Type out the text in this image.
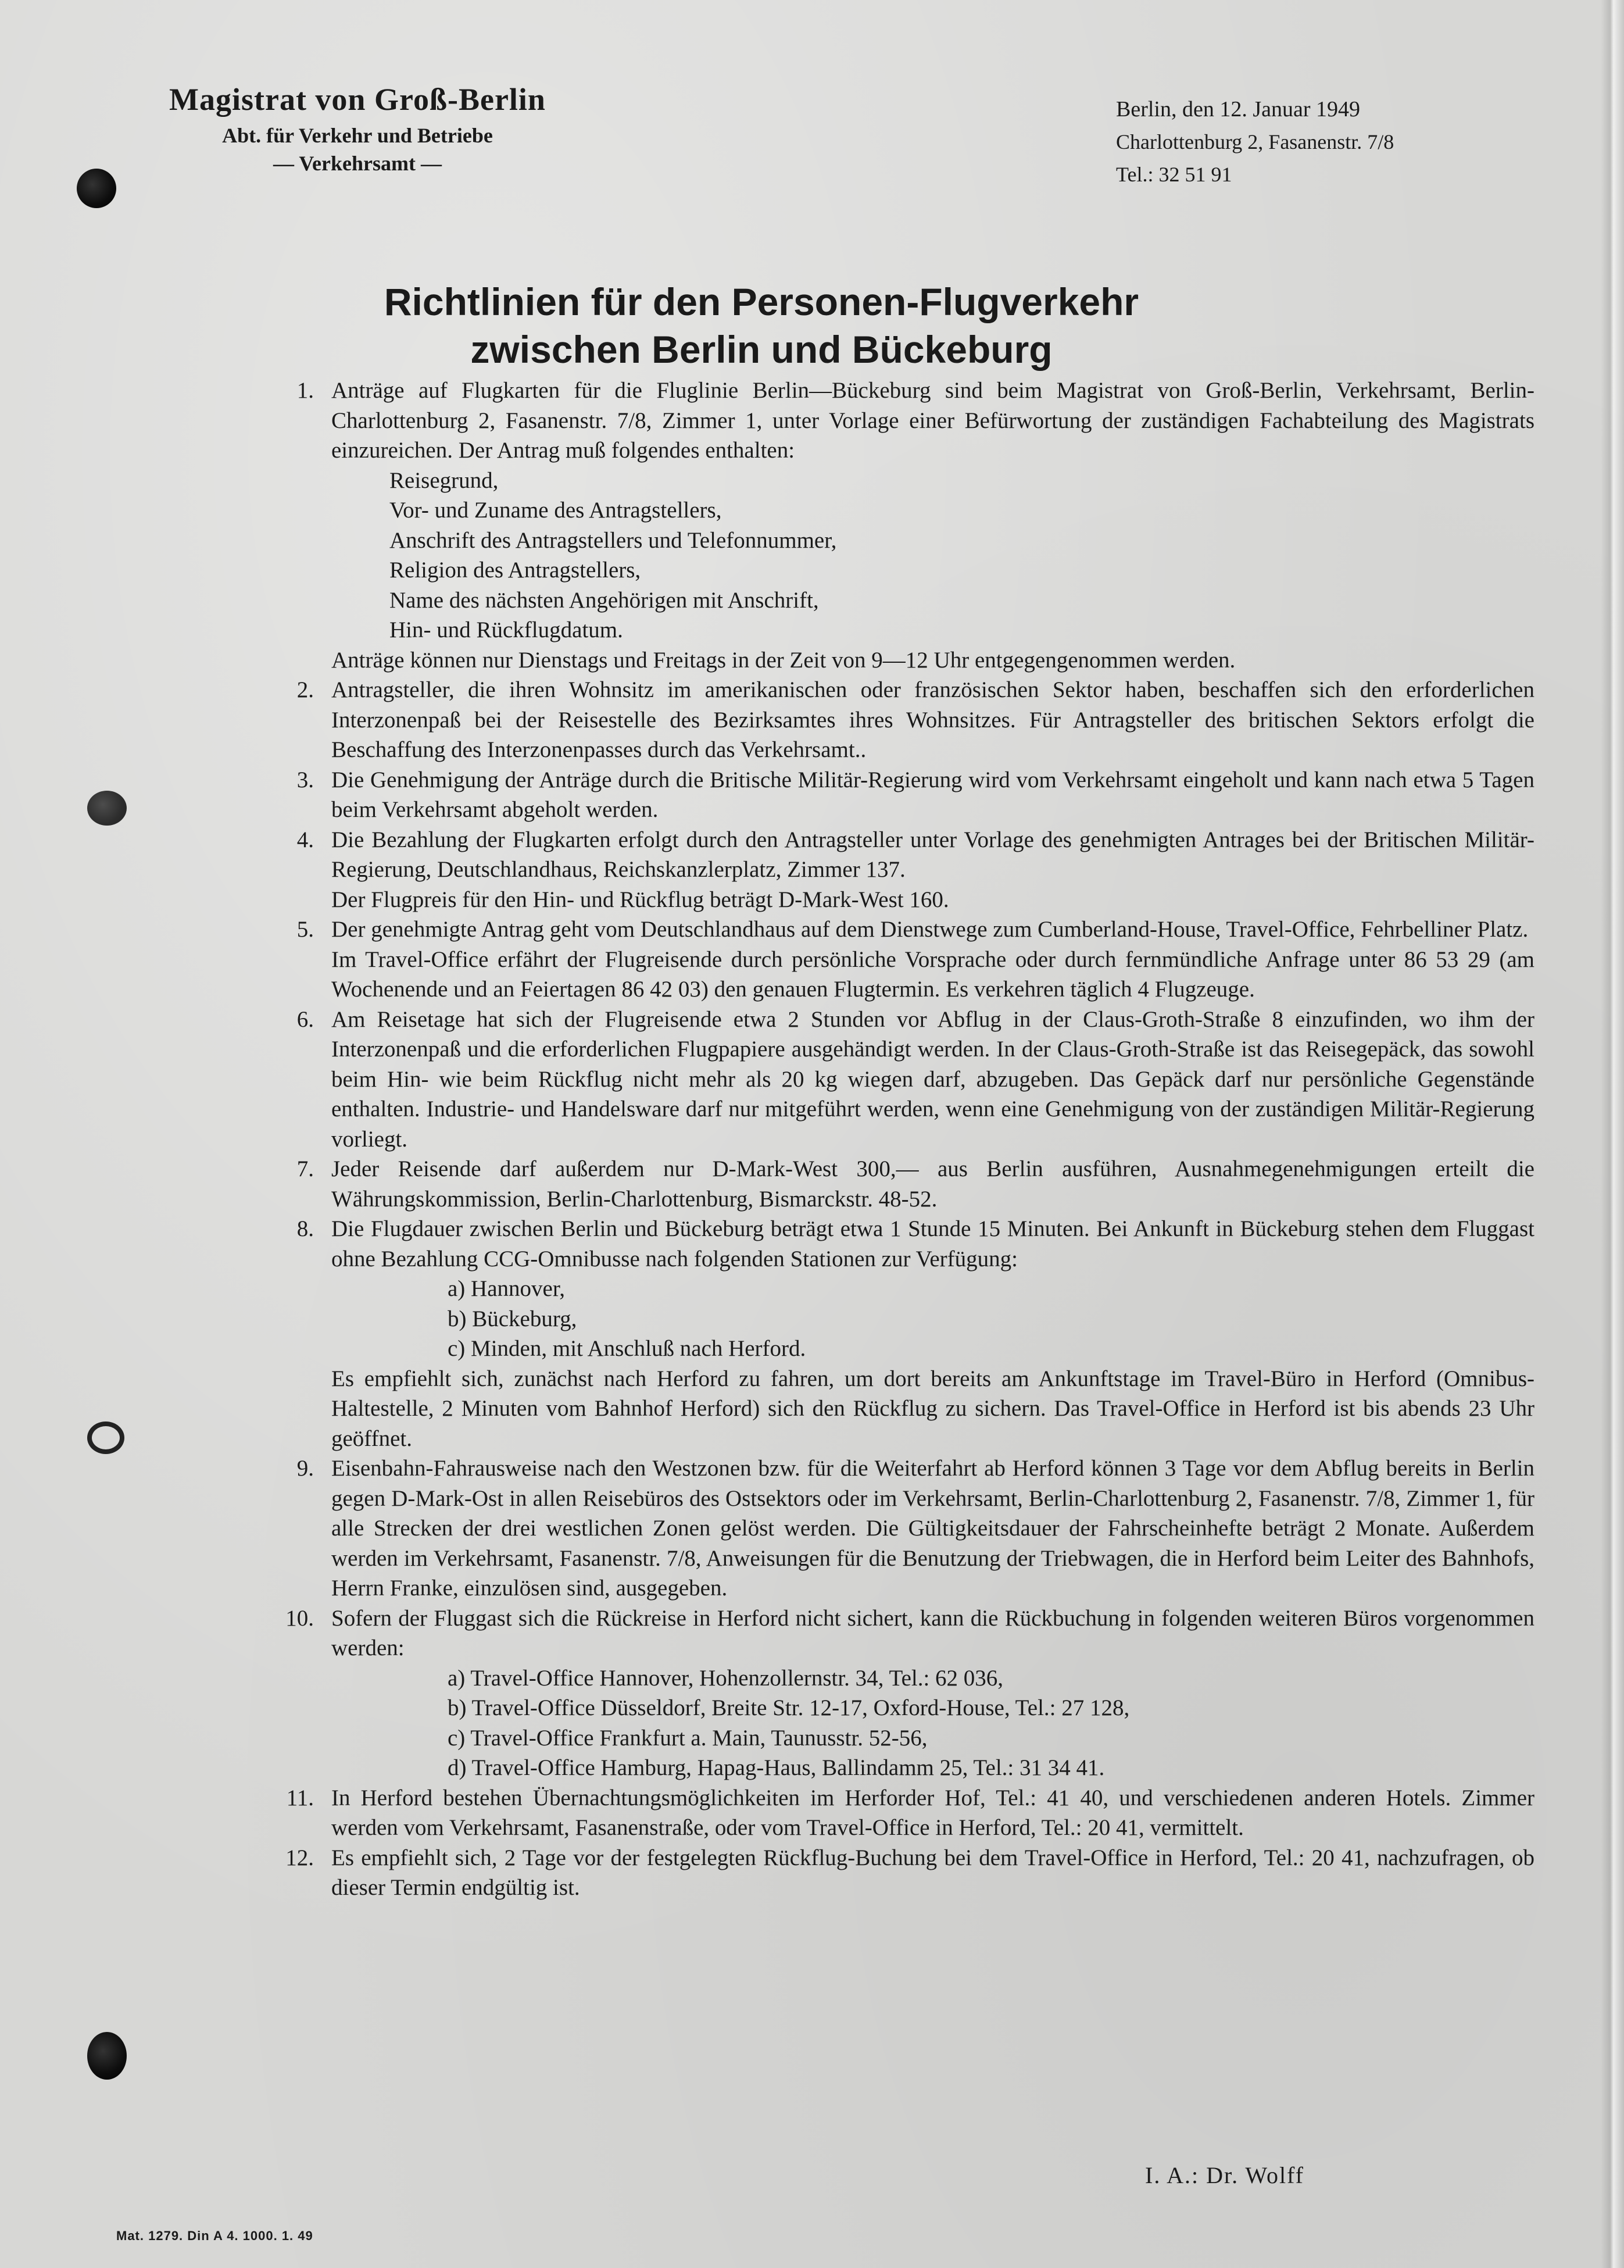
Magistrat von Groß-Berlin
Abt. für Verkehr und Betriebe
— Verkehrsamt —
Berlin, den 12. Januar 1949
Charlottenburg 2, Fasanenstr. 7/8
Tel.: 32 51 91
Richtlinien für den Personen-Flugverkehr
zwischen Berlin und Bückeburg
1. Anträge auf Flugkarten für die Fluglinie Berlin—Bückeburg sind beim Magistrat von Groß-Berlin, Verkehrsamt, Berlin-Charlottenburg 2, Fasanenstr. 7/8, Zimmer 1, unter Vorlage einer Befürwortung der zuständigen Fachabteilung des Magistrats einzureichen. Der Antrag muß folgendes enthalten:

Reisegrund,
Vor- und Zuname des Antragstellers,
Anschrift des Antragstellers und Telefonnummer,
Religion des Antragstellers,
Name des nächsten Angehörigen mit Anschrift,
Hin- und Rückflugdatum.

Anträge können nur Dienstags und Freitags in der Zeit von 9—12 Uhr entgegengenommen werden.

2. Antragsteller, die ihren Wohnsitz im amerikanischen oder französischen Sektor haben, beschaffen sich den erforderlichen Interzonenpaß bei der Reisestelle des Bezirksamtes ihres Wohnsitzes. Für Antragsteller des britischen Sektors erfolgt die Beschaffung des Interzonenpasses durch das Verkehrsamt..

3. Die Genehmigung der Anträge durch die Britische Militär-Regierung wird vom Verkehrsamt eingeholt und kann nach etwa 5 Tagen beim Verkehrsamt abgeholt werden.

4. Die Bezahlung der Flugkarten erfolgt durch den Antragsteller unter Vorlage des genehmigten Antrages bei der Britischen Militär-Regierung, Deutschlandhaus, Reichskanzlerplatz, Zimmer 137.

Der Flugpreis für den Hin- und Rückflug beträgt D-Mark-West 160.

5. Der genehmigte Antrag geht vom Deutschlandhaus auf dem Dienstwege zum Cumberland-House, Travel-Office, Fehrbelliner Platz.

Im Travel-Office erfährt der Flugreisende durch persönliche Vorsprache oder durch fernmündliche Anfrage unter 86 53 29 (am Wochenende und an Feiertagen 86 42 03) den genauen Flugtermin. Es verkehren täglich 4 Flugzeuge.

6. Am Reisetage hat sich der Flugreisende etwa 2 Stunden vor Abflug in der Claus-Groth-Straße 8 einzufinden, wo ihm der Interzonenpaß und die erforderlichen Flugpapiere ausgehändigt werden. In der Claus-Groth-Straße ist das Reisegepäck, das sowohl beim Hin- wie beim Rückflug nicht mehr als 20 kg wiegen darf, abzugeben. Das Gepäck darf nur persönliche Gegenstände enthalten. Industrie- und Handelsware darf nur mitgeführt werden, wenn eine Genehmigung von der zuständigen Militär-Regierung vorliegt.

7. Jeder Reisende darf außerdem nur D-Mark-West 300,— aus Berlin ausführen, Ausnahmegenehmigungen erteilt die Währungskommission, Berlin-Charlottenburg, Bismarckstr. 48-52.

8. Die Flugdauer zwischen Berlin und Bückeburg beträgt etwa 1 Stunde 15 Minuten. Bei Ankunft in Bückeburg stehen dem Fluggast ohne Bezahlung CCG-Omnibusse nach folgenden Stationen zur Verfügung:

a) Hannover,
b) Bückeburg,
c) Minden, mit Anschluß nach Herford.

Es empfiehlt sich, zunächst nach Herford zu fahren, um dort bereits am Ankunftstage im Travel-Büro in Herford (Omnibus-Haltestelle, 2 Minuten vom Bahnhof Herford) sich den Rückflug zu sichern. Das Travel-Office in Herford ist bis abends 23 Uhr geöffnet.

9. Eisenbahn-Fahrausweise nach den Westzonen bzw. für die Weiterfahrt ab Herford können 3 Tage vor dem Abflug bereits in Berlin gegen D-Mark-Ost in allen Reisebüros des Ostsektors oder im Verkehrsamt, Berlin-Charlottenburg 2, Fasanenstr. 7/8, Zimmer 1, für alle Strecken der drei westlichen Zonen gelöst werden. Die Gültigkeitsdauer der Fahrscheinhefte beträgt 2 Monate. Außerdem werden im Verkehrsamt, Fasanenstr. 7/8, Anweisungen für die Benutzung der Triebwagen, die in Herford beim Leiter des Bahnhofs, Herrn Franke, einzulösen sind, ausgegeben.

10. Sofern der Fluggast sich die Rückreise in Herford nicht sichert, kann die Rückbuchung in folgenden weiteren Büros vorgenommen werden:

a) Travel-Office Hannover, Hohenzollernstr. 34, Tel.: 62 036,
b) Travel-Office Düsseldorf, Breite Str. 12-17, Oxford-House, Tel.: 27 128,
c) Travel-Office Frankfurt a. Main, Taunusstr. 52-56,
d) Travel-Office Hamburg, Hapag-Haus, Ballindamm 25, Tel.: 31 34 41.
11. In Herford bestehen Übernachtungsmöglichkeiten im Herforder Hof, Tel.: 41 40, und verschiedenen anderen Hotels. Zimmer werden vom Verkehrsamt, Fasanenstraße, oder vom Travel-Office in Herford, Tel.: 20 41, vermittelt.

12. Es empfiehlt sich, 2 Tage vor der festgelegten Rückflug-Buchung bei dem Travel-Office in Herford, Tel.: 20 41, nachzufragen, ob dieser Termin endgültig ist.

I. A.: Dr. Wolff
Mat. 1279. Din A 4. 1000. 1. 49
